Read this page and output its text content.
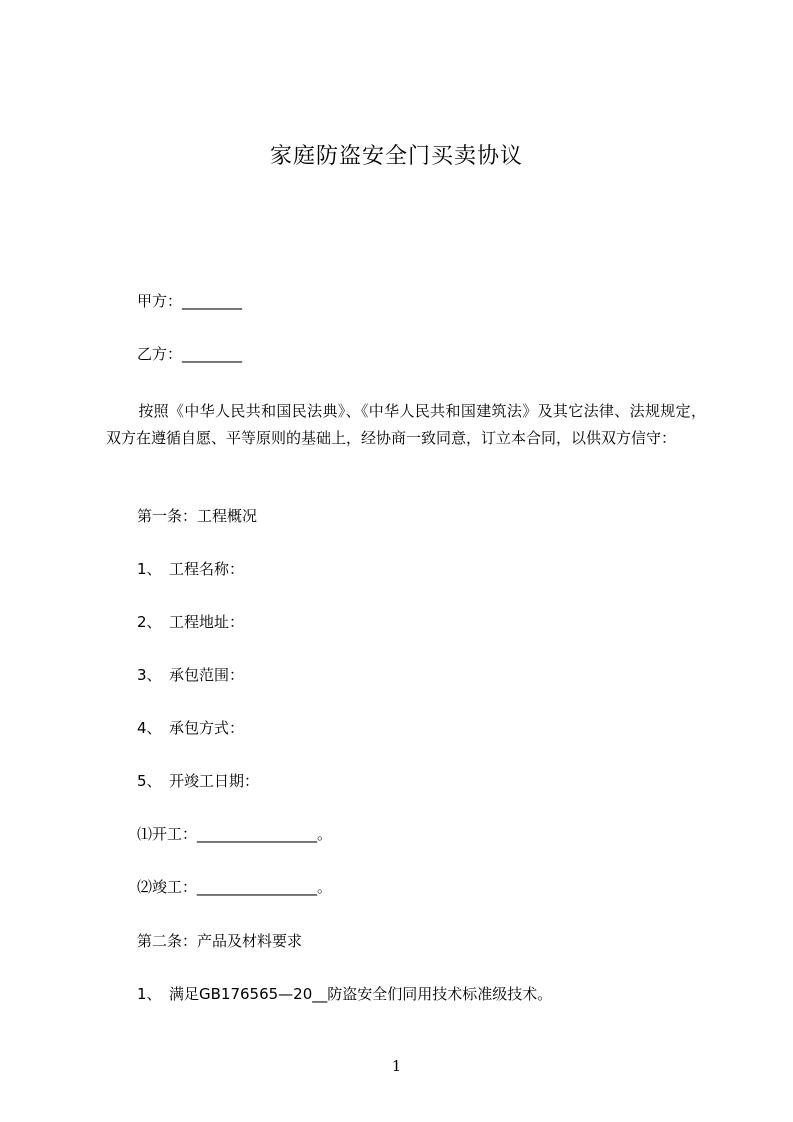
家庭防盗安全门买卖协议
甲方：________
乙方：________
按照《中华人民共和国民法典》、《中华人民共和国建筑法》及其它法律、法规规定，双方在遵循自愿、平等原则的基础上，经协商一致同意，订立本合同，以供双方信守：
第一条：工程概况
1、 工程名称：
2、 工程地址：
3、 承包范围：
4、 承包方式：
5、 开竣工日期：
⑴开工：________________。
⑵竣工：________________。
第二条：产品及材料要求
1、 满足GB176565—20__防盗安全们同用技术标准级技术。
1
